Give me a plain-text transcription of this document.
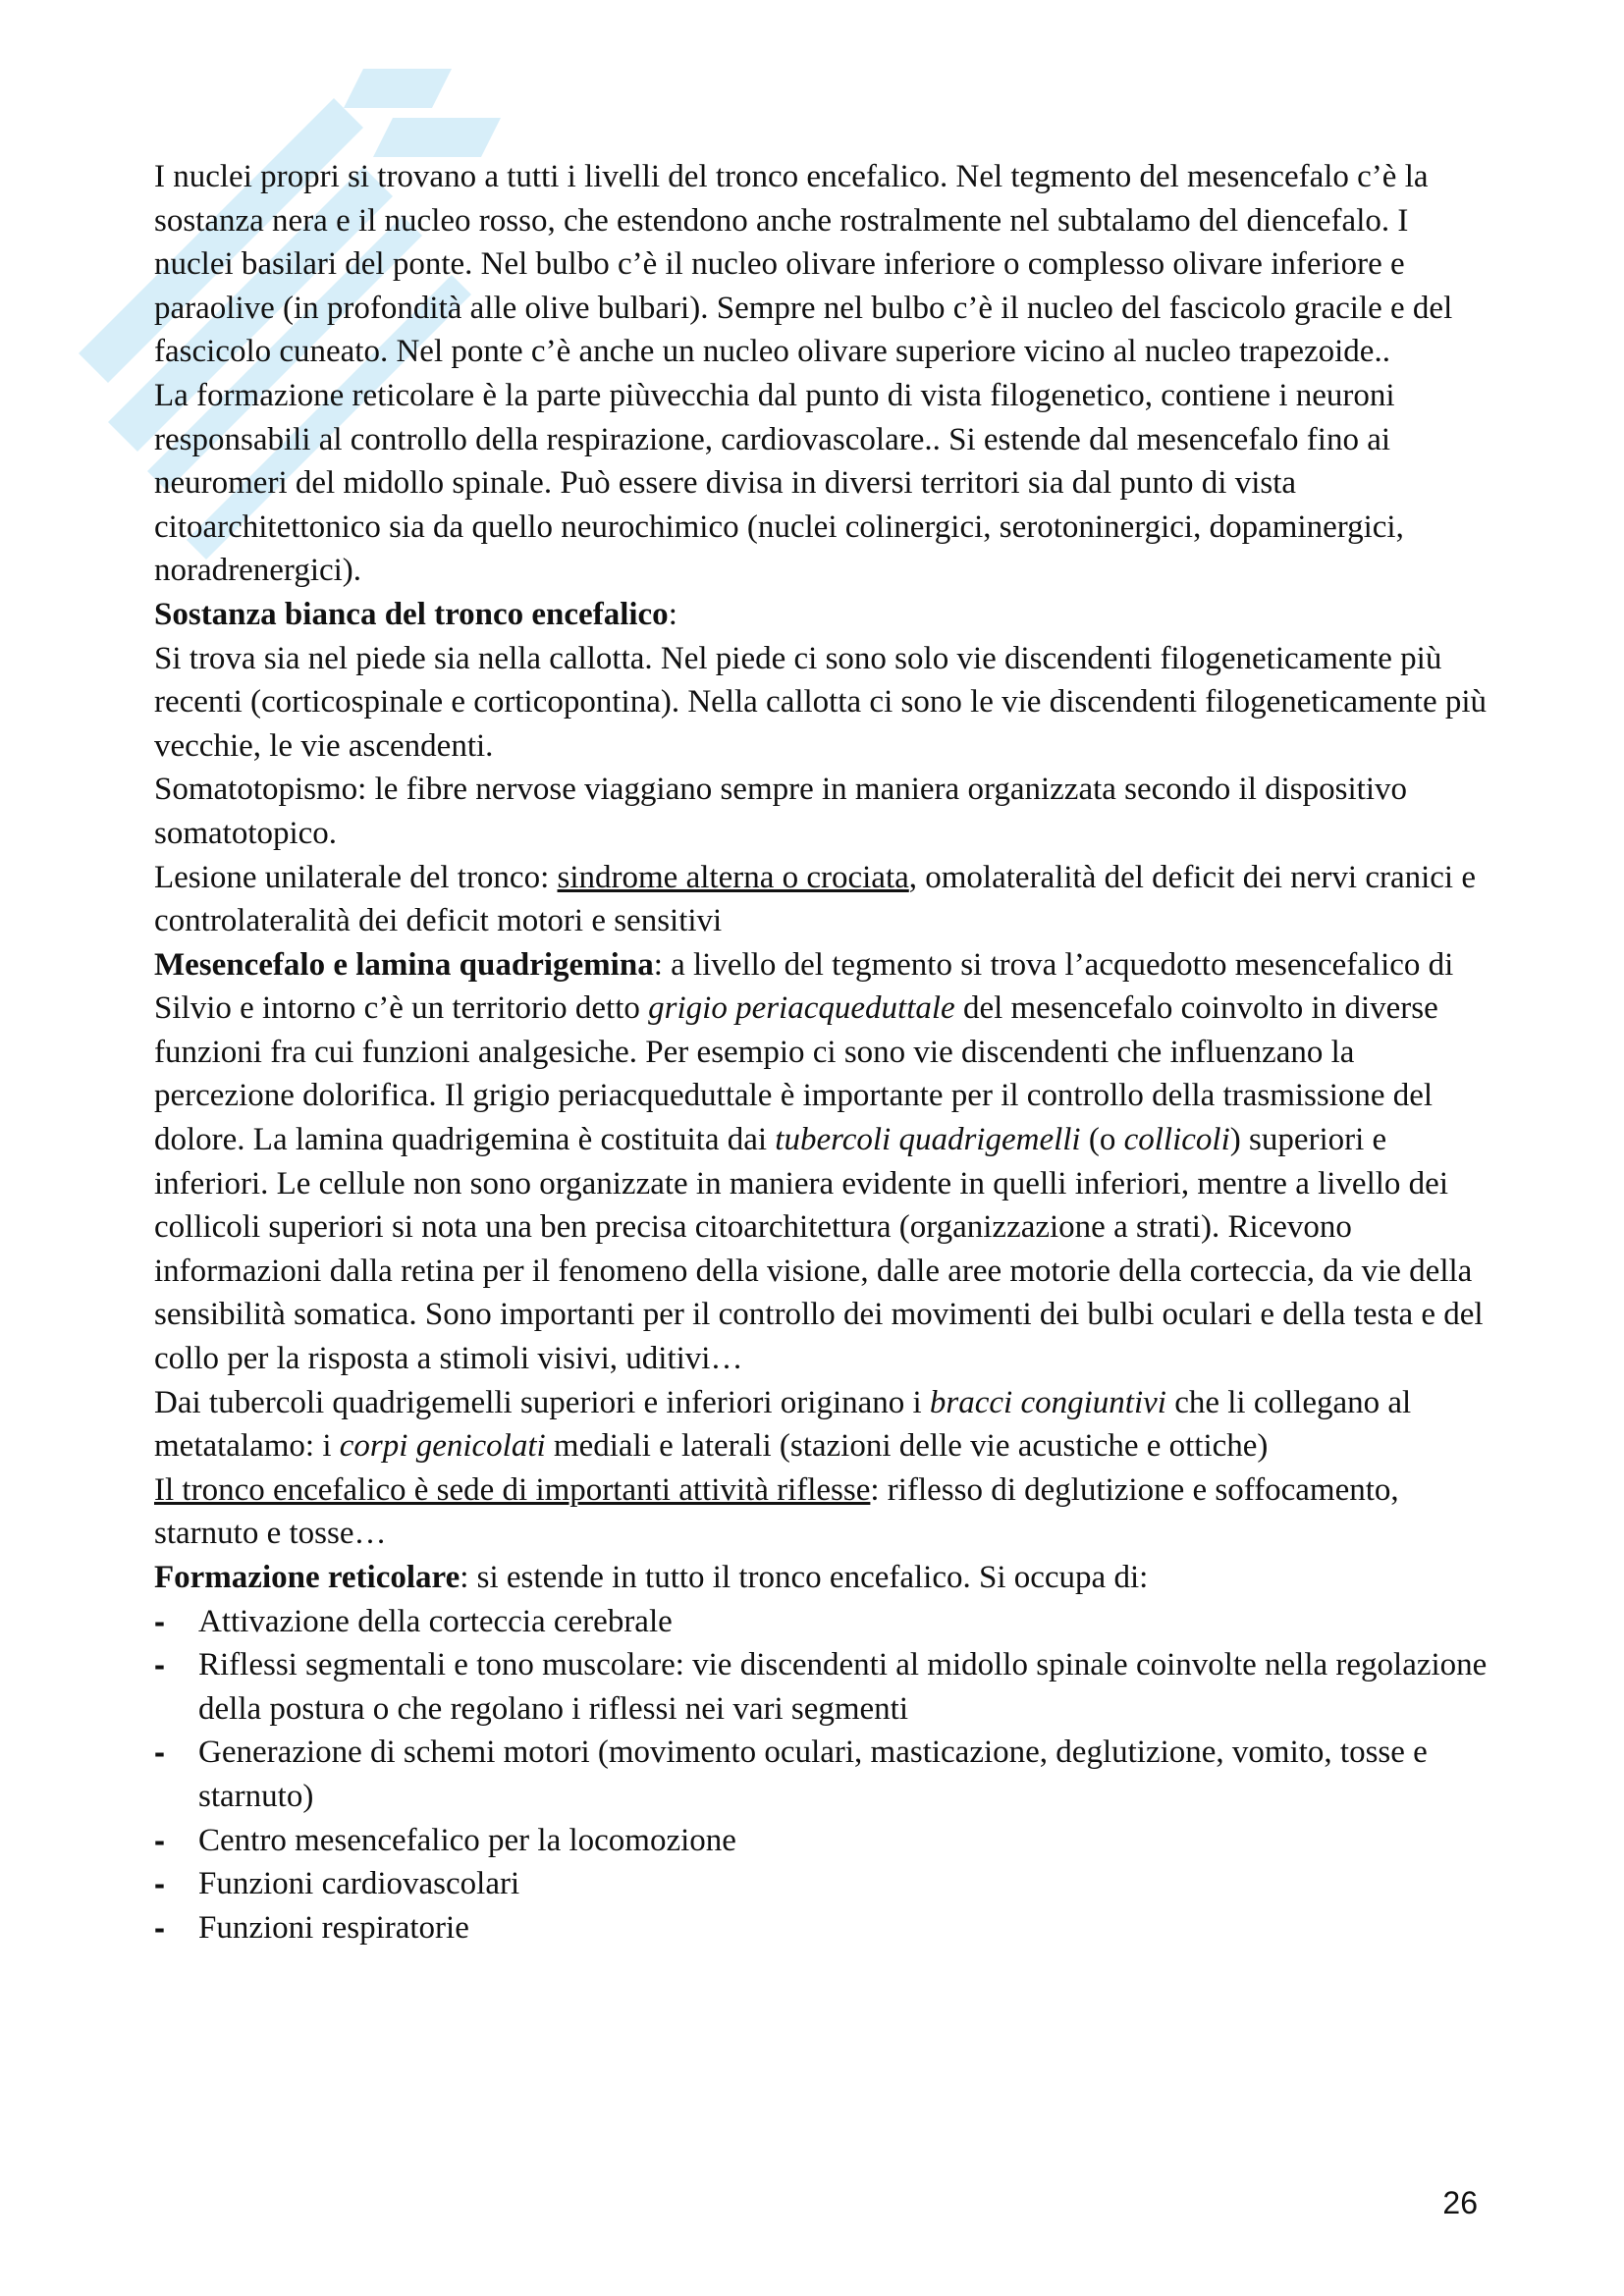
I nuclei propri si trovano a tutti i livelli del tronco encefalico. Nel tegmento del mesencefalo c’è la sostanza nera e il nucleo rosso, che estendono anche rostralmente nel subtalamo del diencefalo. I nuclei basilari del ponte. Nel bulbo c’è il nucleo olivare inferiore o complesso olivare inferiore e paraolive (in profondità alle olive bulbari). Sempre nel bulbo c’è il nucleo del fascicolo gracile e del fascicolo cuneato. Nel ponte c’è anche un nucleo olivare superiore vicino al nucleo trapezoide..

La formazione reticolare è la parte piùvecchia dal punto di vista filogenetico, contiene i neuroni responsabili al controllo della respirazione, cardiovascolare.. Si estende dal mesencefalo fino ai neuromeri del midollo spinale. Può essere divisa in diversi territori sia dal punto di vista citoarchitettonico sia da quello neurochimico (nuclei colinergici, serotoninergici, dopaminergici, noradrenergici).

Sostanza bianca del tronco encefalico:

Si trova sia nel piede sia nella callotta. Nel piede ci sono solo vie discendenti filogeneticamente più recenti (corticospinale e corticopontina). Nella callotta ci sono le vie discendenti filogeneticamente più vecchie, le vie ascendenti.

Somatotopismo: le fibre nervose viaggiano sempre in maniera organizzata secondo il dispositivo somatotopico.

Lesione unilaterale del tronco: sindrome alterna o crociata, omolateralità del deficit dei nervi cranici e controlateralità dei deficit motori e sensitivi

Mesencefalo e lamina quadrigemina: a livello del tegmento si trova l’acquedotto mesencefalico di Silvio e intorno c’è un territorio detto grigio periacqueduttale del mesencefalo coinvolto in diverse funzioni fra cui funzioni analgesiche. Per esempio ci sono vie discendenti che influenzano la percezione dolorifica. Il grigio periacqueduttale è importante per il controllo della trasmissione del dolore. La lamina quadrigemina è costituita dai tubercoli quadrigemelli (o collicoli) superiori e inferiori. Le cellule non sono organizzate in maniera evidente in quelli inferiori, mentre a livello dei collicoli superiori si nota una ben precisa citoarchitettura (organizzazione a strati). Ricevono informazioni dalla retina per il fenomeno della visione, dalle aree motorie della corteccia, da vie della sensibilità somatica. Sono importanti per il controllo dei movimenti dei bulbi oculari e della testa e del collo per la risposta a stimoli visivi, uditivi…

Dai tubercoli quadrigemelli superiori e inferiori originano i bracci congiuntivi che li collegano al metatalamo: i corpi genicolati mediali e laterali (stazioni delle vie acustiche e ottiche)

Il tronco encefalico è sede di importanti attività riflesse: riflesso di deglutizione e soffocamento, starnuto e tosse…

Formazione reticolare: si estende in tutto il tronco encefalico. Si occupa di:

- Attivazione della corteccia cerebrale
- Riflessi segmentali e tono muscolare: vie discendenti al midollo spinale coinvolte nella regolazione della postura o che regolano i riflessi nei vari segmenti
- Generazione di schemi motori (movimento oculari, masticazione, deglutizione, vomito, tosse e starnuto)
- Centro mesencefalico per la locomozione
- Funzioni cardiovascolari
- Funzioni respiratorie
26
